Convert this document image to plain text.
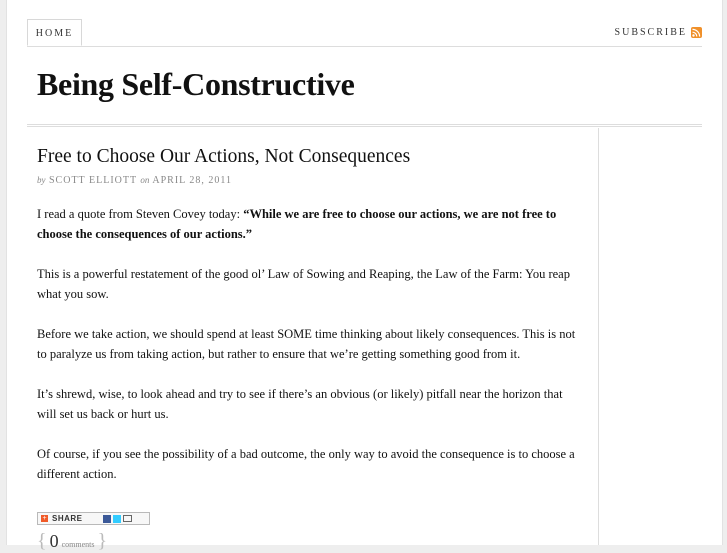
HOME	SUBSCRIBE
Being Self-Constructive
Free to Choose Our Actions, Not Consequences
by SCOTT ELLIOTT on APRIL 28, 2011

I read a quote from Steven Covey today: “While we are free to choose our actions, we are not free to choose the consequences of our actions.”

This is a powerful restatement of the good ol’ Law of Sowing and Reaping, the Law of the Farm: You reap what you sow.

Before we take action, we should spend at least SOME time thinking about likely consequences. This is not to paralyze us from taking action, but rather to ensure that we’re getting something good from it.

It’s shrewd, wise, to look ahead and try to see if there’s an obvious (or likely) pitfall near the horizon that will set us back or hurt us.

Of course, if you see the possibility of a bad outcome, the only way to avoid the consequence is to choose a different action.

+ SHARE
{ 0 comments }
